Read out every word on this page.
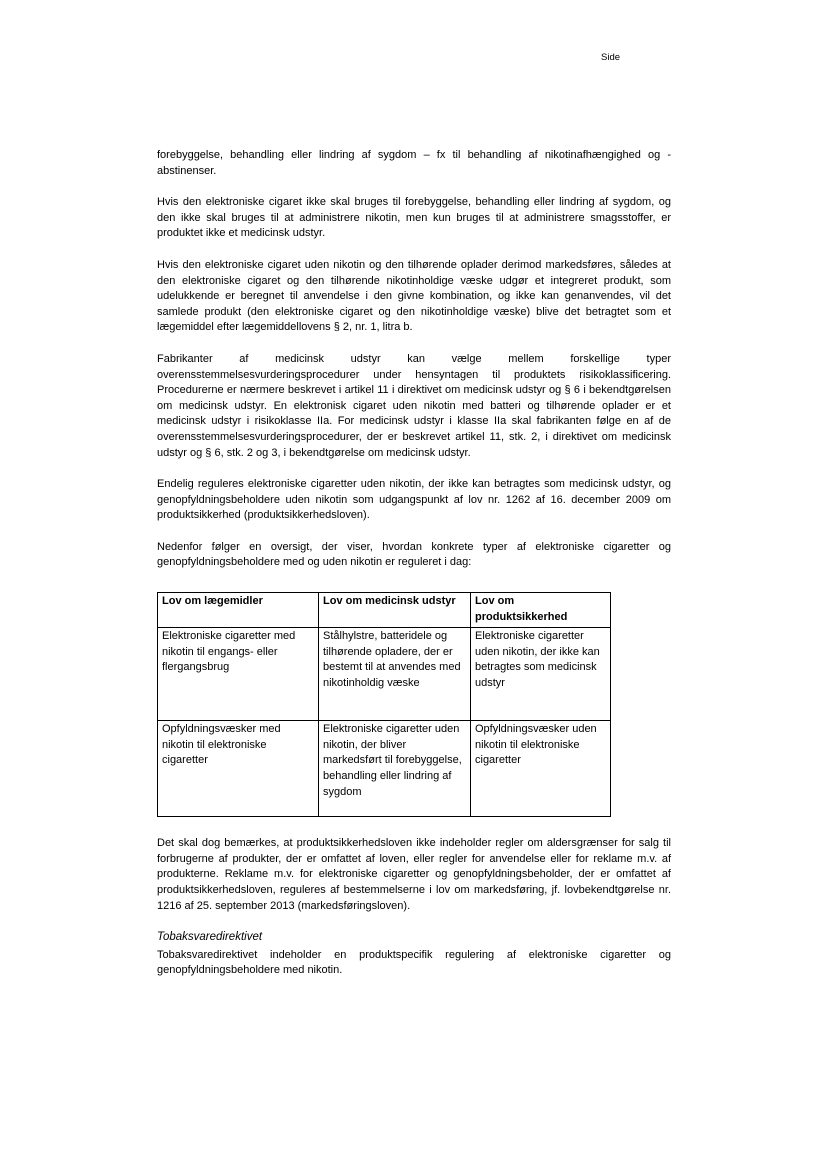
Side

forebyggelse, behandling eller lindring af sygdom – fx til behandling af nikotinafhængighed og -abstinenser.

Hvis den elektroniske cigaret ikke skal bruges til forebyggelse, behandling eller lindring af sygdom, og den ikke skal bruges til at administrere nikotin, men kun bruges til at administrere smagsstoffer, er produktet ikke et medicinsk udstyr.

Hvis den elektroniske cigaret uden nikotin og den tilhørende oplader derimod markedsføres, således at den elektroniske cigaret og den tilhørende nikotinholdige væske udgør et integreret produkt, som udelukkende er beregnet til anvendelse i den givne kombination, og ikke kan genanvendes, vil det samlede produkt (den elektroniske cigaret og den nikotinholdige væske) blive det betragtet som et lægemiddel efter lægemiddellovens § 2, nr. 1, litra b.

Fabrikanter af medicinsk udstyr kan vælge mellem forskellige typer overensstemmelsesvurderingsprocedurer under hensyntagen til produktets risikoklassificering. Procedurerne er nærmere beskrevet i artikel 11 i direktivet om medicinsk udstyr og § 6 i bekendtgørelsen om medicinsk udstyr. En elektronisk cigaret uden nikotin med batteri og tilhørende oplader er et medicinsk udstyr i risikoklasse IIa. For medicinsk udstyr i klasse IIa skal fabrikanten følge en af de overensstemmelsesvurderingsprocedurer, der er beskrevet artikel 11, stk. 2, i direktivet om medicinsk udstyr og § 6, stk. 2 og 3, i bekendtgørelse om medicinsk udstyr.

Endelig reguleres elektroniske cigaretter uden nikotin, der ikke kan betragtes som medicinsk udstyr, og genopfyldningsbeholdere uden nikotin som udgangspunkt af lov nr. 1262 af 16. december 2009 om produktsikkerhed (produktsikkerhedsloven).

Nedenfor følger en oversigt, der viser, hvordan konkrete typer af elektroniske cigaretter og genopfyldningsbeholdere med og uden nikotin er reguleret i dag:

Lov om lægemidler	Lov om medicinsk udstyr	Lov om produktsikkerhed
Elektroniske cigaretter med nikotin til engangs- eller flergangsbrug	Stålhylstre, batteridele og tilhørende opladere, der er bestemt til at anvendes med nikotinholdig væske	Elektroniske cigaretter uden nikotin, der ikke kan betragtes som medicinsk udstyr
Opfyldningsvæsker med nikotin til elektroniske cigaretter	Elektroniske cigaretter uden nikotin, der bliver markedsført til forebyggelse, behandling eller lindring af sygdom	Opfyldningsvæsker uden nikotin til elektroniske cigaretter

Det skal dog bemærkes, at produktsikkerhedsloven ikke indeholder regler om aldersgrænser for salg til forbrugerne af produkter, der er omfattet af loven, eller regler for anvendelse eller for reklame m.v. af produkterne. Reklame m.v. for elektroniske cigaretter og genopfyldningsbeholder, der er omfattet af produktsikkerhedsloven, reguleres af bestemmelserne i lov om markedsføring, jf. lovbekendtgørelse nr. 1216 af 25. september 2013 (markedsføringsloven).

Tobaksvaredirektivet

Tobaksvaredirektivet indeholder en produktspecifik regulering af elektroniske cigaretter og genopfyldningsbeholdere med nikotin.
